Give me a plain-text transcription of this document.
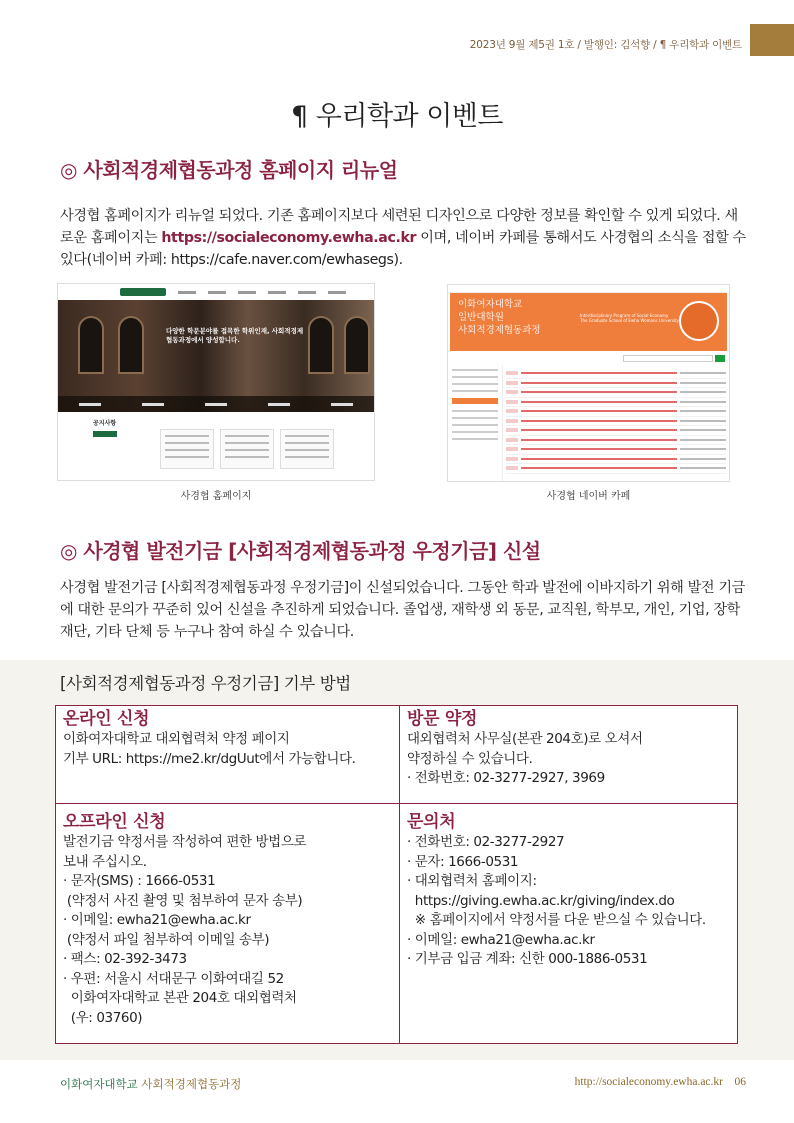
2023년 9월 제5권 1호 / 발행인: 김석향 / ¶ 우리학과 이벤트
¶ 우리학과 이벤트
◎ 사회적경제협동과정 홈페이지 리뉴얼
사경협 홈페이지가 리뉴얼 되었다. 기존 홈페이지보다 세련된 디자인으로 다양한 정보를 확인할 수 있게 되었다. 새로운 홈페이지는 https://socialeconomy.ewha.ac.kr 이며, 네이버 카페를 통해서도 사경협의 소식을 접할 수 있다(네이버 카페: https://cafe.naver.com/ewhasegs).
다양한 학문분야를 접목한 학위인재, 사회적경제협동과정에서 양성합니다.
공지사항
사경협 홈페이지
이화여자대학교
일반대학원
사회적경제협동과정
Interdisciplinary Program of Social Economy
The Graduate School of Ewha Womans University
사경협 네이버 카페
◎ 사경협 발전기금 [사회적경제협동과정 우정기금] 신설
사경협 발전기금 [사회적경제협동과정 우정기금]이 신설되었습니다. 그동안 학과 발전에 이바지하기 위해 발전 기금에 대한 문의가 꾸준히 있어 신설을 추진하게 되었습니다. 졸업생, 재학생 외 동문, 교직원, 학부모, 개인, 기업, 장학재단, 기타 단체 등 누구나 참여 하실 수 있습니다.
[사회적경제협동과정 우정기금] 기부 방법
온라인 신청
이화여자대학교 대외협력처 약정 페이지
기부 URL: https://me2.kr/dgUut에서 가능합니다.
방문 약정
대외협력처 사무실(본관 204호)로 오셔서
약정하실 수 있습니다.
· 전화번호: 02-3277-2927, 3969
오프라인 신청
발전기금 약정서를 작성하여 편한 방법으로
보내 주십시오.
· 문자(SMS) : 1666-0531
(약정서 사진 촬영 및 첨부하여 문자 송부)
· 이메일: ewha21@ewha.ac.kr
(약정서 파일 첨부하여 이메일 송부)
· 팩스: 02-392-3473
· 우편: 서울시 서대문구 이화여대길 52
이화여자대학교 본관 204호 대외협력처
(우: 03760)
문의처
· 전화번호: 02-3277-2927
· 문자: 1666-0531
· 대외협력처 홈페이지:
https://giving.ewha.ac.kr/giving/index.do
※ 홈페이지에서 약정서를 다운 받으실 수 있습니다.
· 이메일: ewha21@ewha.ac.kr
· 기부금 입금 계좌: 신한 000-1886-0531
이화여자대학교 사회적경제협동과정	http://socialeconomy.ewha.ac.kr 06
